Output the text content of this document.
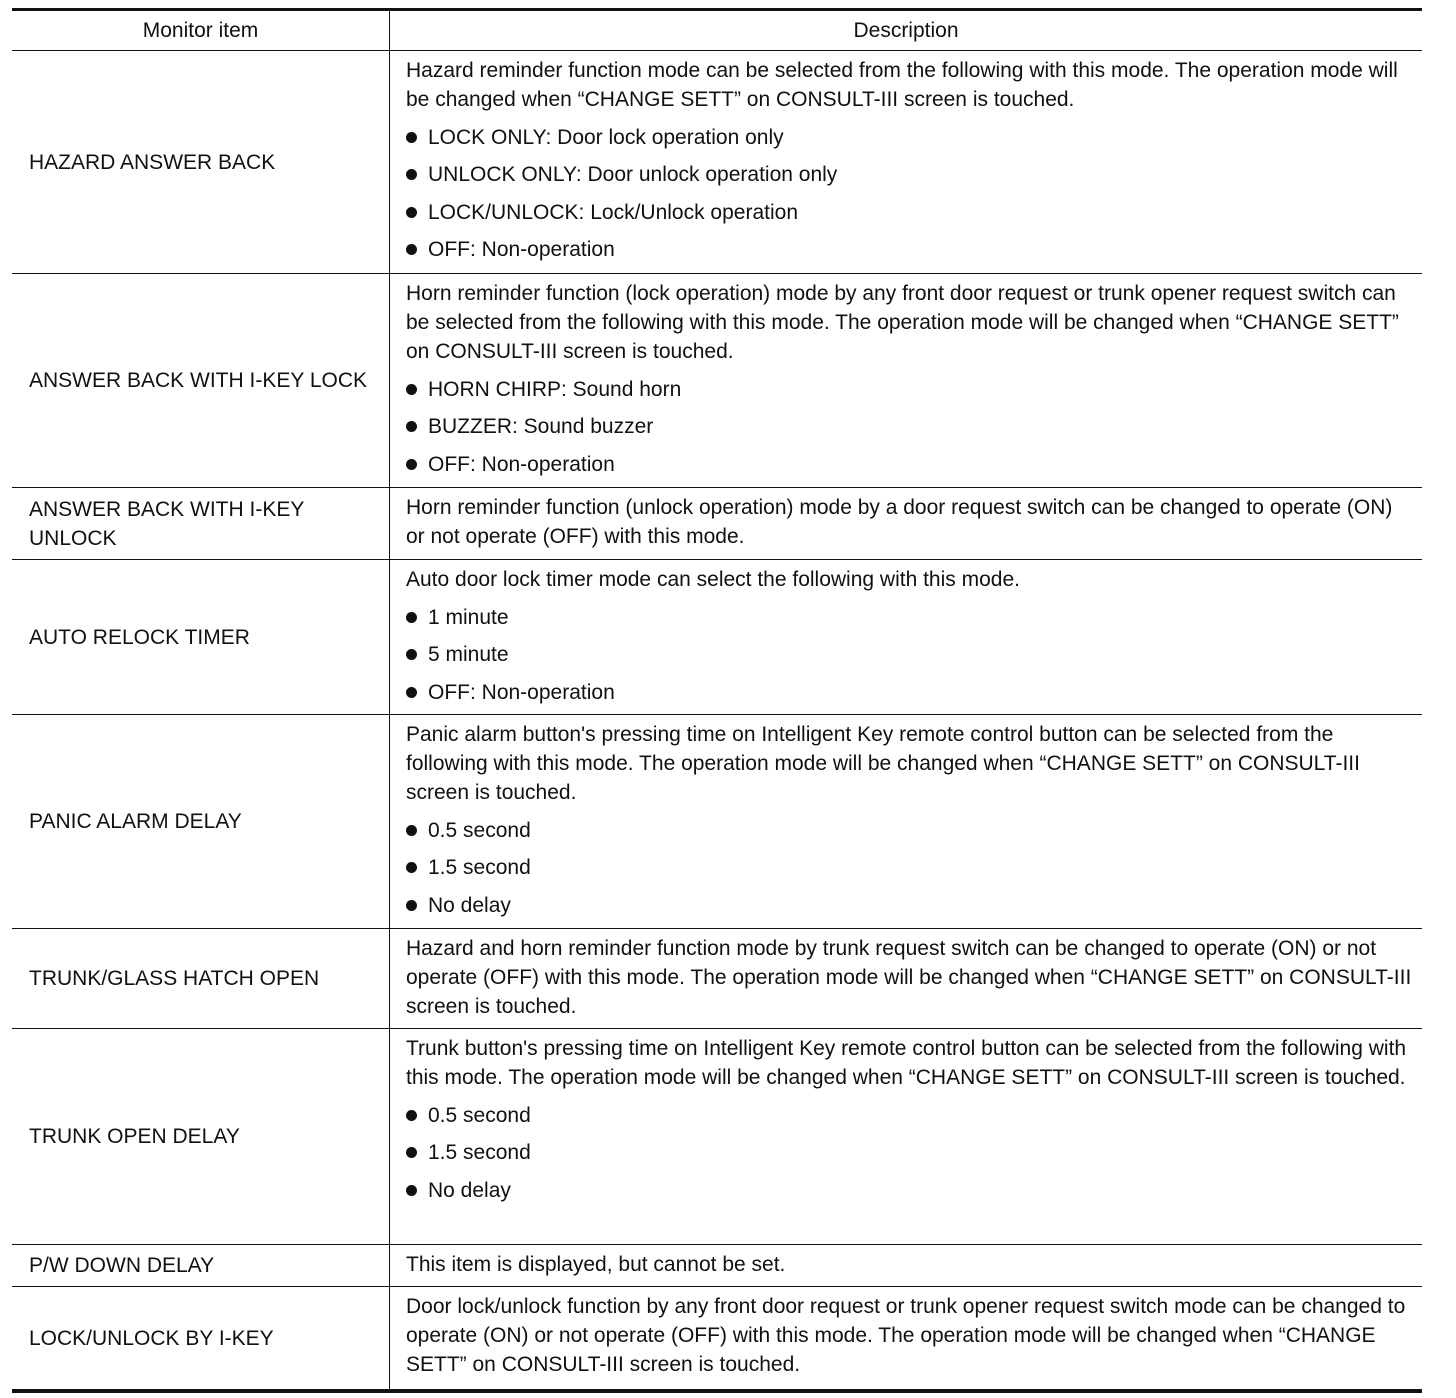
Monitor item	Description
HAZARD ANSWER BACK

Hazard reminder function mode can be selected from the following with this mode. The operation mode will be changed when “CHANGE SETT” on CONSULT-III screen is touched.

LOCK ONLY: Door lock operation only
UNLOCK ONLY: Door unlock operation only
LOCK/UNLOCK: Lock/Unlock operation
OFF: Non-operation
ANSWER BACK WITH I-KEY LOCK

Horn reminder function (lock operation) mode by any front door request or trunk opener request switch can be selected from the following with this mode. The operation mode will be changed when “CHANGE SETT” on CONSULT-III screen is touched.

HORN CHIRP: Sound horn
BUZZER: Sound buzzer
OFF: Non-operation
ANSWER BACK WITH I-KEY UNLOCK

Horn reminder function (unlock operation) mode by a door request switch can be changed to operate (ON) or not operate (OFF) with this mode.

AUTO RELOCK TIMER

Auto door lock timer mode can select the following with this mode.

1 minute
5 minute
OFF: Non-operation
PANIC ALARM DELAY

Panic alarm button's pressing time on Intelligent Key remote control button can be selected from the following with this mode. The operation mode will be changed when “CHANGE SETT” on CONSULT-III screen is touched.

0.5 second
1.5 second
No delay
TRUNK/GLASS HATCH OPEN

Hazard and horn reminder function mode by trunk request switch can be changed to operate (ON) or not operate (OFF) with this mode. The operation mode will be changed when “CHANGE SETT” on CONSULT-III screen is touched.

TRUNK OPEN DELAY

Trunk button's pressing time on Intelligent Key remote control button can be selected from the following with this mode. The operation mode will be changed when “CHANGE SETT” on CONSULT-III screen is touched.

0.5 second
1.5 second
No delay
P/W DOWN DELAY	This item is displayed, but cannot be set.

LOCK/UNLOCK BY I-KEY

Door lock/unlock function by any front door request or trunk opener request switch mode can be changed to operate (ON) or not operate (OFF) with this mode. The operation mode will be changed when “CHANGE SETT” on CONSULT-III screen is touched.
